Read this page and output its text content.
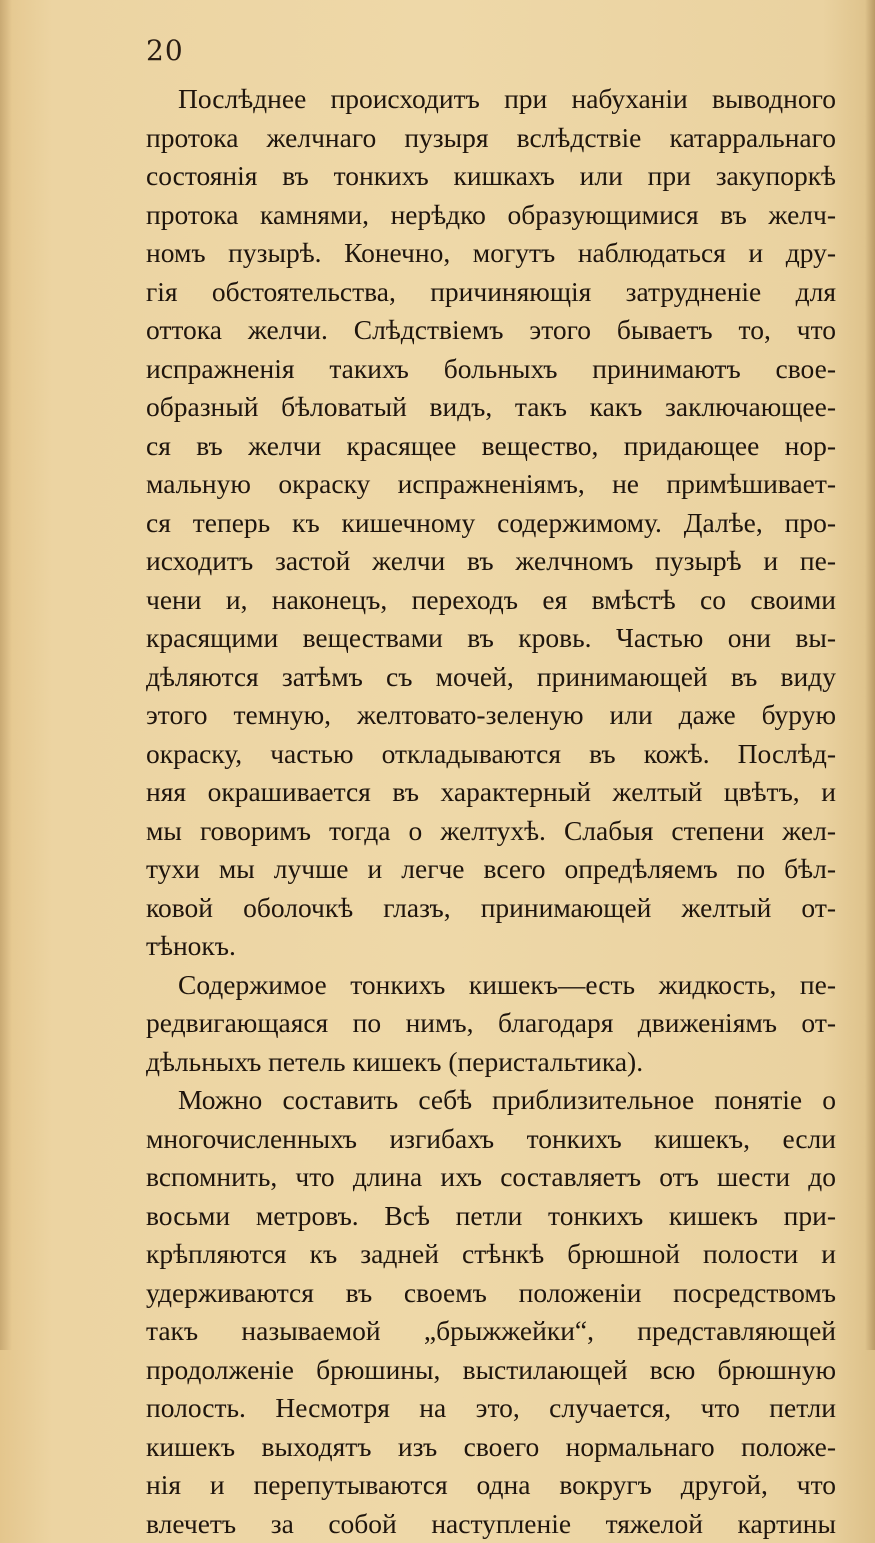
20
Послѣднее происходитъ при набуханіи выводного
протока желчнаго пузыря вслѣдствіе катарральнаго
состоянія въ тонкихъ кишкахъ или при закупоркѣ
протока камнями, нерѣдко образующимися въ желч-
номъ пузырѣ. Конечно, могутъ наблюдаться и дру-
гія обстоятельства, причиняющія затрудненіе для
оттока желчи. Слѣдствіемъ этого бываетъ то, что
испражненія такихъ больныхъ принимаютъ свое-
образный бѣловатый видъ, такъ какъ заключающее-
ся въ желчи красящее вещество, придающее нор-
мальную окраску испражненіямъ, не примѣшивает-
ся теперь къ кишечному содержимому. Далѣе, про-
исходитъ застой желчи въ желчномъ пузырѣ и пе-
чени и, наконецъ, переходъ ея вмѣстѣ со своими
красящими веществами въ кровь. Частью они вы-
дѣляются затѣмъ съ мочей, принимающей въ виду
этого темную, желтовато-зеленую или даже бурую
окраску, частью откладываются въ кожѣ. Послѣд-
няя окрашивается въ характерный желтый цвѣтъ, и
мы говоримъ тогда о желтухѣ. Слабыя степени жел-
тухи мы лучше и легче всего опредѣляемъ по бѣл-
ковой оболочкѣ глазъ, принимающей желтый от-
тѣнокъ.
Содержимое тонкихъ кишекъ—есть жидкость, пе-
редвигающаяся по нимъ, благодаря движеніямъ от-
дѣльныхъ петель кишекъ (перистальтика).
Можно составить себѣ приблизительное понятіе о
многочисленныхъ изгибахъ тонкихъ кишекъ, если
вспомнить, что длина ихъ составляетъ отъ шести до
восьми метровъ. Всѣ петли тонкихъ кишекъ при-
крѣпляются къ задней стѣнкѣ брюшной полости и
удерживаются въ своемъ положеніи посредствомъ
такъ называемой „брыжжейки“, представляющей
продолженіе брюшины, выстилающей всю брюшную
полость. Несмотря на это, случается, что петли
кишекъ выходятъ изъ своего нормальнаго положе-
нія и перепутываются одна вокругъ другой, что
влечетъ за собой наступленіе тяжелой картины
